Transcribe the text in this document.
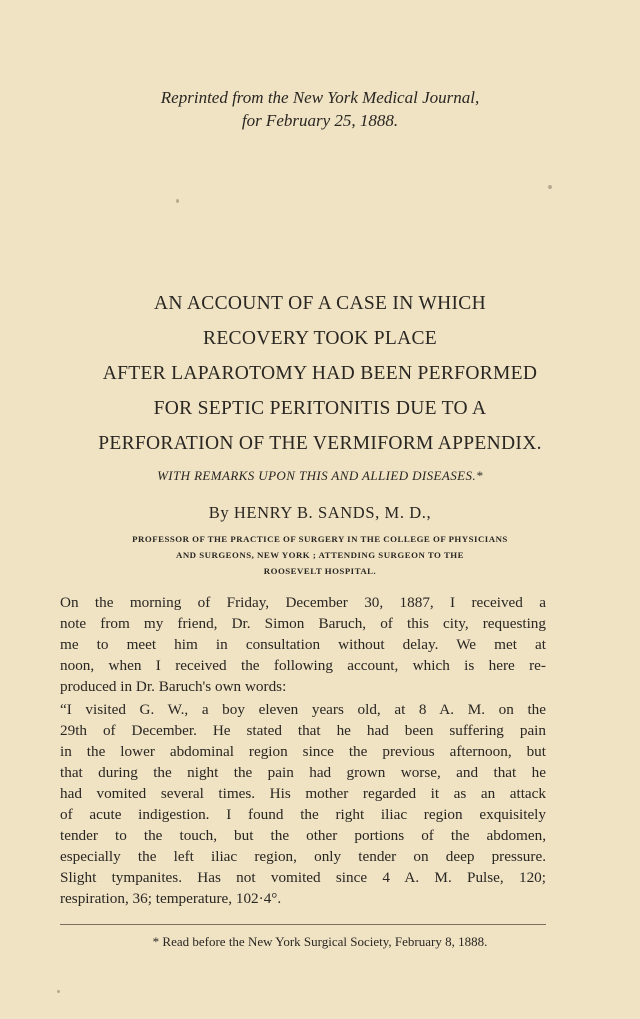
Reprinted from the New York Medical Journal,
for February 25, 1888.
AN ACCOUNT OF A CASE IN WHICH
RECOVERY TOOK PLACE
AFTER LAPAROTOMY HAD BEEN PERFORMED
FOR SEPTIC PERITONITIS DUE TO A
PERFORATION OF THE VERMIFORM APPENDIX.
WITH REMARKS UPON THIS AND ALLIED DISEASES.*
By HENRY B. SANDS, M. D.,
PROFESSOR OF THE PRACTICE OF SURGERY IN THE COLLEGE OF PHYSICIANS
AND SURGEONS, NEW YORK ; ATTENDING SURGEON TO THE
ROOSEVELT HOSPITAL.
On the morning of Friday, December 30, 1887, I received a
note from my friend, Dr. Simon Baruch, of this city, requesting
me to meet him in consultation without delay. We met at
noon, when I received the following account, which is here re-
produced in Dr. Baruch's own words:
“I visited G. W., a boy eleven years old, at 8 A. M. on the
29th of December. He stated that he had been suffering pain
in the lower abdominal region since the previous afternoon, but
that during the night the pain had grown worse, and that he
had vomited several times. His mother regarded it as an attack
of acute indigestion. I found the right iliac region exquisitely
tender to the touch, but the other portions of the abdomen,
especially the left iliac region, only tender on deep pressure.
Slight tympanites. Has not vomited since 4 A. M. Pulse, 120;
respiration, 36; temperature, 102·4°.
* Read before the New York Surgical Society, February 8, 1888.
